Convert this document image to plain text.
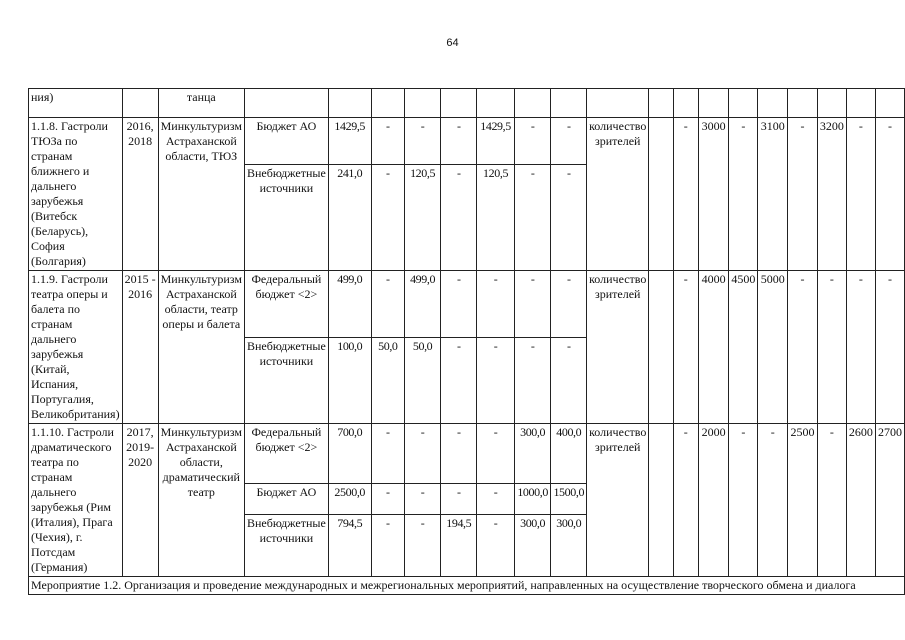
64
ния)		танца																		
1.1.8. Гастроли ТЮЗа по странам ближнего и дальнего зарубежья (Витебск (Беларусь), София (Болгария)	2016, 2018	Минкультуризм Астраханской области, ТЮЗ	Бюджет АО	1429,5	-	-	-	1429,5	-	-	количество зрителей		-	3000	-	3100	-	3200	-	-
			Внебюджетные источники	241,0	-	120,5	-	120,5	-	-										
1.1.9. Гастроли театра оперы и балета по странам дальнего зарубежья (Китай, Испания, Португалия, Великобритания)	2015 - 2016	Минкультуризм Астраханской области, театр оперы и балета	Федеральный бюджет <2>	499,0	-	499,0	-	-	-	-	количество зрителей		-	4000	4500	5000	-	-	-	-
			Внебюджетные источники	100,0	50,0	50,0	-	-	-	-										
1.1.10. Гастроли драматического театра по странам дальнего зарубежья (Рим (Италия), Прага (Чехия), г. Потсдам (Германия)	2017, 2019-2020	Минкультуризм Астраханской области, драматический театр	Федеральный бюджет <2>	700,0	-	-	-	-	300,0	400,0	количество зрителей		-	2000	-	-	2500	-	2600	2700
			Бюджет АО	2500,0	-	-	-	-	1000,0	1500,0										
			Внебюджетные источники	794,5	-	-	194,5	-	300,0	300,0										
Мероприятие 1.2. Организация и проведение международных и межрегиональных мероприятий, направленных на осуществление творческого обмена и диалога																				
